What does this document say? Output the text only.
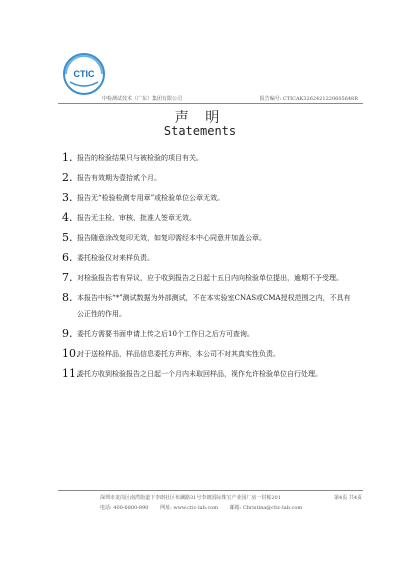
CTIC
中检测试技术（广东）集团有限公司	报告编号: CTICAK3262421220605648R
声 明
Statements
1. 报告的检验结果只与被检验的项目有关。
2. 报告有效期为壹拾贰个月。
3. 报告无“检验检测专用章”或检验单位公章无效。
4. 报告无主检、审核、批准人签章无效。
5. 报告随意涂改复印无效，如复印需经本中心同意并加盖公章。
6. 委托检验仅对来样负责。
7. 对检验报告若有异议，应于收到报告之日起十五日内向检验单位提出，逾期不予受理。
8. 本报告中标“*”测试数据为外部测试，不在本实验室CNAS或CMA授权范围之内，不具有公正性的作用。
9. 委托方需要书面申请上传之后10个工作日之后方可查询。
10.
对于送检样品，样品信息委托方声称，本公司不对其真实性负责。
11.
委托方收到检验报告之日起一个月内未取回样品，视作允许检验单位自行处理。
深圳市龙岗区南湾街道下李朗社区布澜路31号李朗国际珠宝产业园厂房一封栋201	第4页 共4页
电话: 400-6800-890 网址: www.ctic-lab.com 邮箱: Christina@ctic-lab.com
